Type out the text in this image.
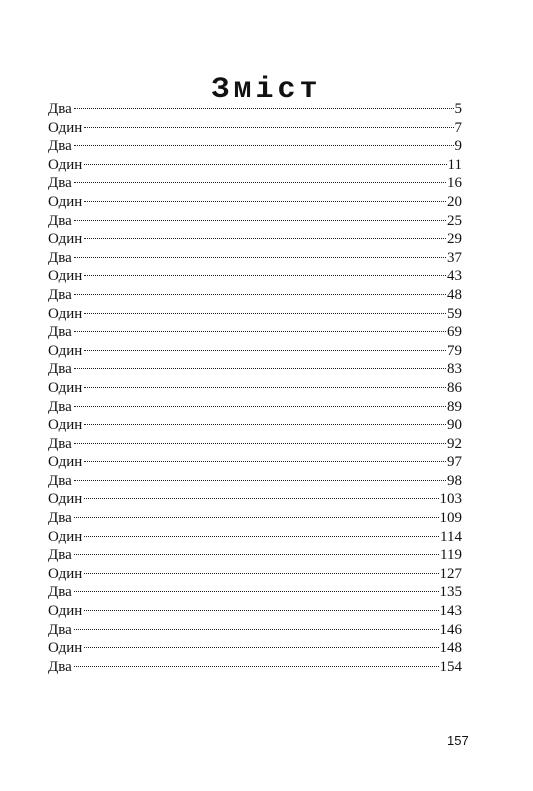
Зміст
Два	5
Один	7
Два	9
Один	11
Два	16
Один	20
Два	25
Один	29
Два	37
Один	43
Два	48
Один	59
Два	69
Один	79
Два	83
Один	86
Два	89
Один	90
Два	92
Один	97
Два	98
Один	103
Два	109
Один	114
Два	119
Один	127
Два	135
Один	143
Два	146
Один	148
Два	154
157
